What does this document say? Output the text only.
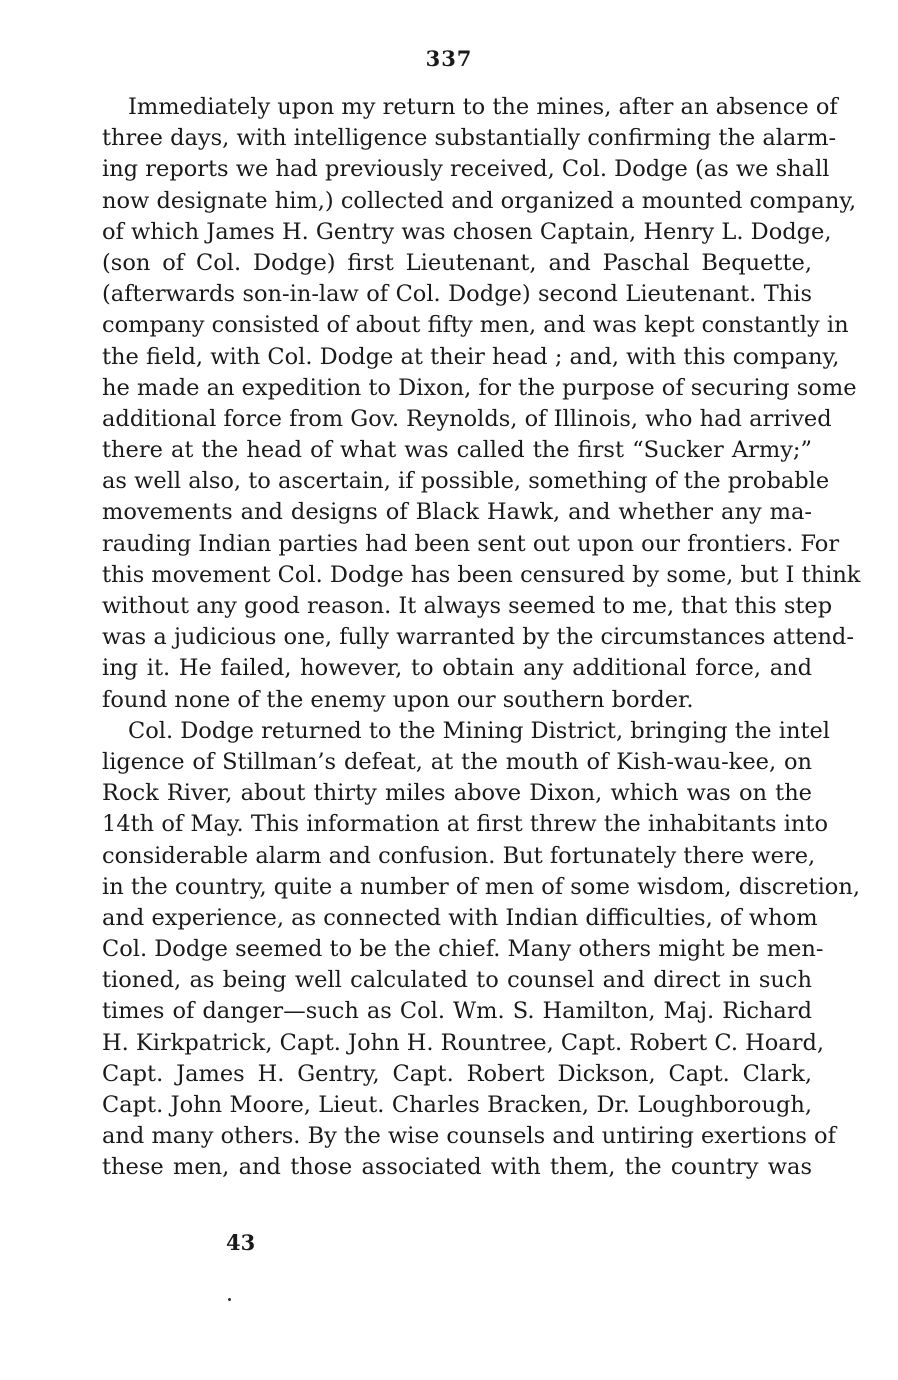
337
Immediately upon my return to the mines, after an absence of
three days, with intelligence substantially confirming the alarm-
ing reports we had previously received, Col. Dodge (as we shall
now designate him,) collected and organized a mounted company,
of which James H. Gentry was chosen Captain, Henry L. Dodge,
(son of Col. Dodge) first Lieutenant, and Paschal Bequette,
(afterwards son-in-law of Col. Dodge) second Lieutenant. This
company consisted of about fifty men, and was kept constantly in
the field, with Col. Dodge at their head ; and, with this company,
he made an expedition to Dixon, for the purpose of securing some
additional force from Gov. Reynolds, of Illinois, who had arrived
there at the head of what was called the first “Sucker Army;”
as well also, to ascertain, if possible, something of the probable
movements and designs of Black Hawk, and whether any ma-
rauding Indian parties had been sent out upon our frontiers. For
this movement Col. Dodge has been censured by some, but I think
without any good reason. It always seemed to me, that this step
was a judicious one, fully warranted by the circumstances attend-
ing it. He failed, however, to obtain any additional force, and
found none of the enemy upon our southern border.
Col. Dodge returned to the Mining District, bringing the intel
ligence of Stillman’s defeat, at the mouth of Kish-wau-kee, on
Rock River, about thirty miles above Dixon, which was on the
14th of May. This information at first threw the inhabitants into
considerable alarm and confusion. But fortunately there were,
in the country, quite a number of men of some wisdom, discretion,
and experience, as connected with Indian difficulties, of whom
Col. Dodge seemed to be the chief. Many others might be men-
tioned, as being well calculated to counsel and direct in such
times of danger—such as Col. Wm. S. Hamilton, Maj. Richard
H. Kirkpatrick, Capt. John H. Rountree, Capt. Robert C. Hoard,
Capt. James H. Gentry, Capt. Robert Dickson, Capt. Clark,
Capt. John Moore, Lieut. Charles Bracken, Dr. Loughborough,
and many others. By the wise counsels and untiring exertions of
these men, and those associated with them, the country was
43
